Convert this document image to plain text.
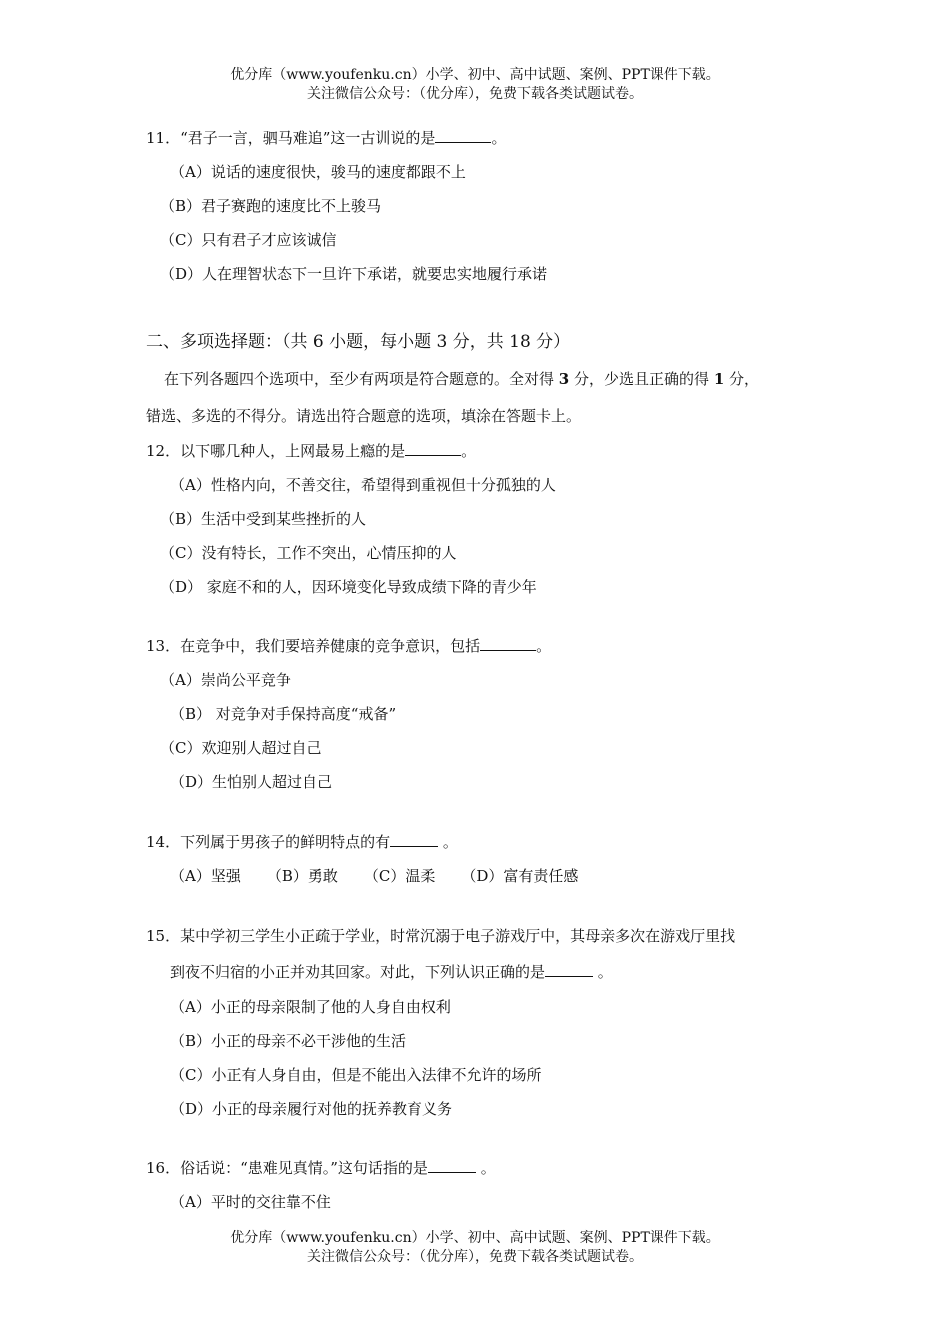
优分库（www.youfenku.cn）小学、初中、高中试题、案例、PPT课件下载。
关注微信公众号：（优分库），免费下载各类试题试卷。
11．“君子一言，驷马难追”这一古训说的是	。
（A）说话的速度很快，骏马的速度都跟不上
（B）君子赛跑的速度比不上骏马
（C）只有君子才应该诚信
（D）人在理智状态下一旦许下承诺，就要忠实地履行承诺
二、多项选择题：（共 6 小题，每小题 3 分，共 18 分）
在下列各题四个选项中，至少有两项是符合题意的。全对得 3 分，少选且正确的得 1 分，
错选、多选的不得分。请选出符合题意的选项，填涂在答题卡上。
12．以下哪几种人，上网最易上瘾的是	。
（A）性格内向，不善交往，希望得到重视但十分孤独的人
（B）生活中受到某些挫折的人
（C）没有特长，工作不突出，心情压抑的人
（D） 家庭不和的人，因环境变化导致成绩下降的青少年
13．在竞争中，我们要培养健康的竞争意识，包括	。
（A）崇尚公平竞争
（B） 对竞争对手保持高度“戒备”
（C）欢迎别人超过自己
（D）生怕别人超过自己
14．下列属于男孩子的鲜明特点的有	。
（A）坚强 （B）勇敢 （C）温柔 （D）富有责任感
15．某中学初三学生小正疏于学业，时常沉溺于电子游戏厅中，其母亲多次在游戏厅里找
到夜不归宿的小正并劝其回家。对此，下列认识正确的是	。
（A）小正的母亲限制了他的人身自由权利
（B）小正的母亲不必干涉他的生活
（C）小正有人身自由，但是不能出入法律不允许的场所
（D）小正的母亲履行对他的抚养教育义务
16．俗话说：“患难见真情。”这句话指的是	。
（A）平时的交往靠不住
优分库（www.youfenku.cn）小学、初中、高中试题、案例、PPT课件下载。
关注微信公众号：（优分库），免费下载各类试题试卷。
